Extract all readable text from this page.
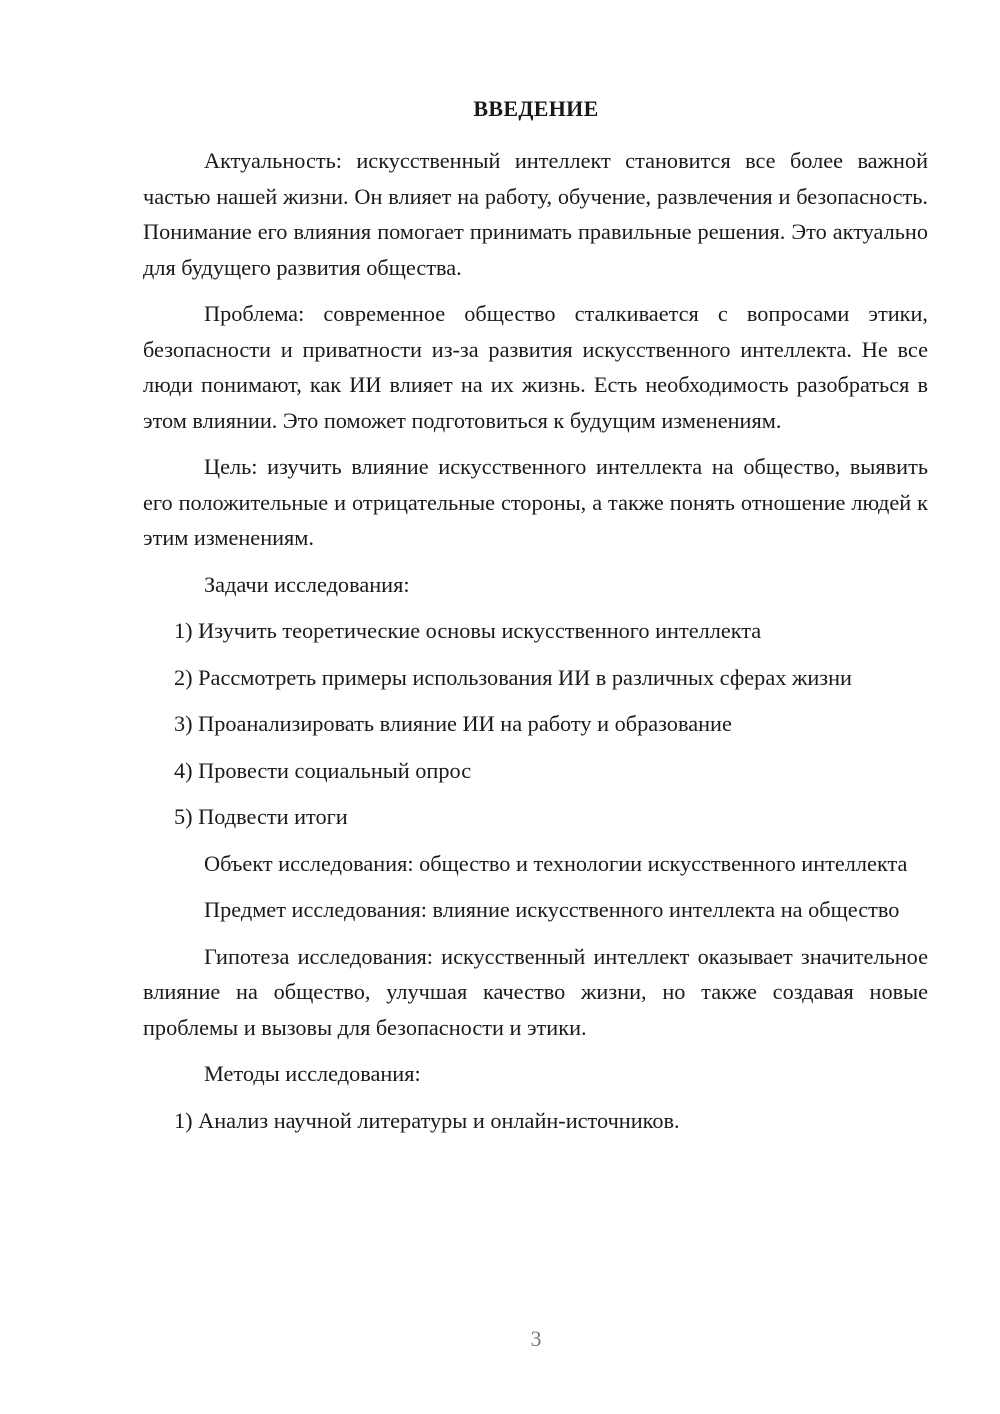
ВВЕДЕНИЕ

Актуальность: искусственный интеллект становится все более важной частью нашей жизни. Он влияет на работу, обучение, развлечения и безопасность. Понимание его влияния помогает принимать правильные решения. Это актуально для будущего развития общества.

Проблема: современное общество сталкивается с вопросами этики, безопасности и приватности из-за развития искусственного интеллекта. Не все люди понимают, как ИИ влияет на их жизнь. Есть необходимость разобраться в этом влиянии. Это поможет подготовиться к будущим изменениям.

Цель: изучить влияние искусственного интеллекта на общество, выявить его положительные и отрицательные стороны, а также понять отношение людей к этим изменениям.

Задачи исследования:

1) Изучить теоретические основы искусственного интеллекта

2) Рассмотреть примеры использования ИИ в различных сферах жизни

3) Проанализировать влияние ИИ на работу и образование

4) Провести социальный опрос

5) Подвести итоги

Объект исследования: общество и технологии искусственного интеллекта

Предмет исследования: влияние искусственного интеллекта на общество

Гипотеза исследования: искусственный интеллект оказывает значительное влияние на общество, улучшая качество жизни, но также создавая новые проблемы и вызовы для безопасности и этики.

Методы исследования:

1) Анализ научной литературы и онлайн-источников.

3
